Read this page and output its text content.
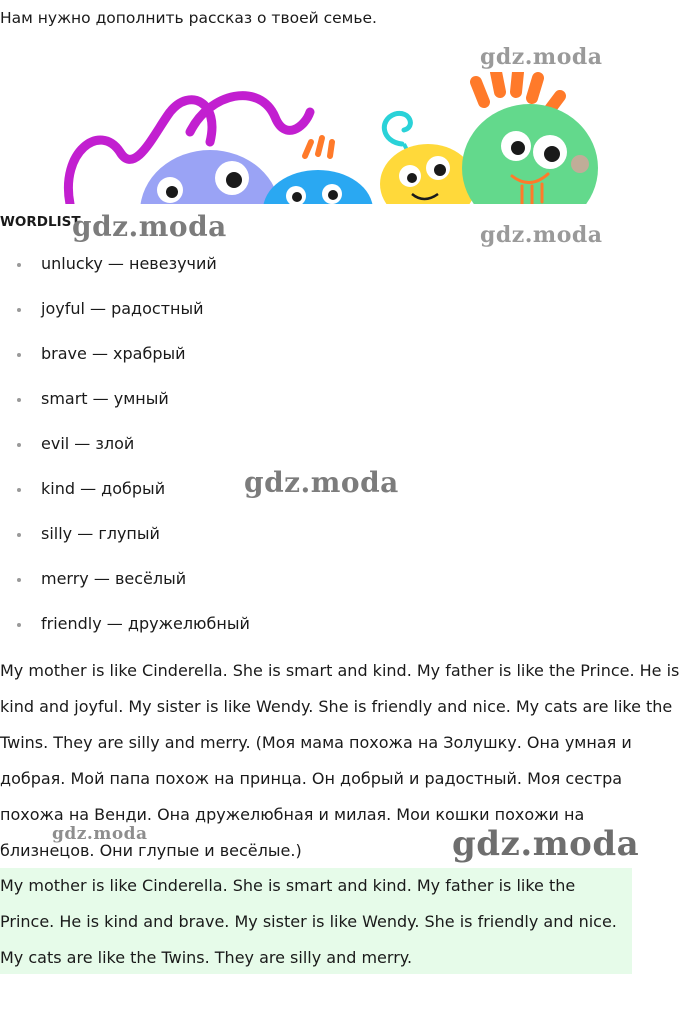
Нам нужно дополнить рассказ о твоей семье.

gdz.moda

WORDLIST

gdz.moda	gdz.moda
unlucky — невезучий
joyful — радостный
brave — храбрый
smart — умный
evil — злой
kind — добрый
silly — глупый
merry — весёлый
friendly — дружелюбный
gdz.moda

My mother is like Cinderella. She is smart and kind. My father is like the Prince. He is kind and joyful. My sister is like Wendy. She is friendly and nice. My cats are like the Twins. They are silly and merry. (Моя мама похожа на Золушку. Она умная и добрая. Мой папа похож на принца. Он добрый и радостный. Моя сестра похожа на Венди. Она дружелюбная и милая. Мои кошки похожи на близнецов. Они глупые и весёлые.)

gdz.moda	gdz.moda

My mother is like Cinderella. She is smart and kind. My father is like the Prince. He is kind and brave. My sister is like Wendy. She is friendly and nice. My cats are like the Twins. They are silly and merry.
